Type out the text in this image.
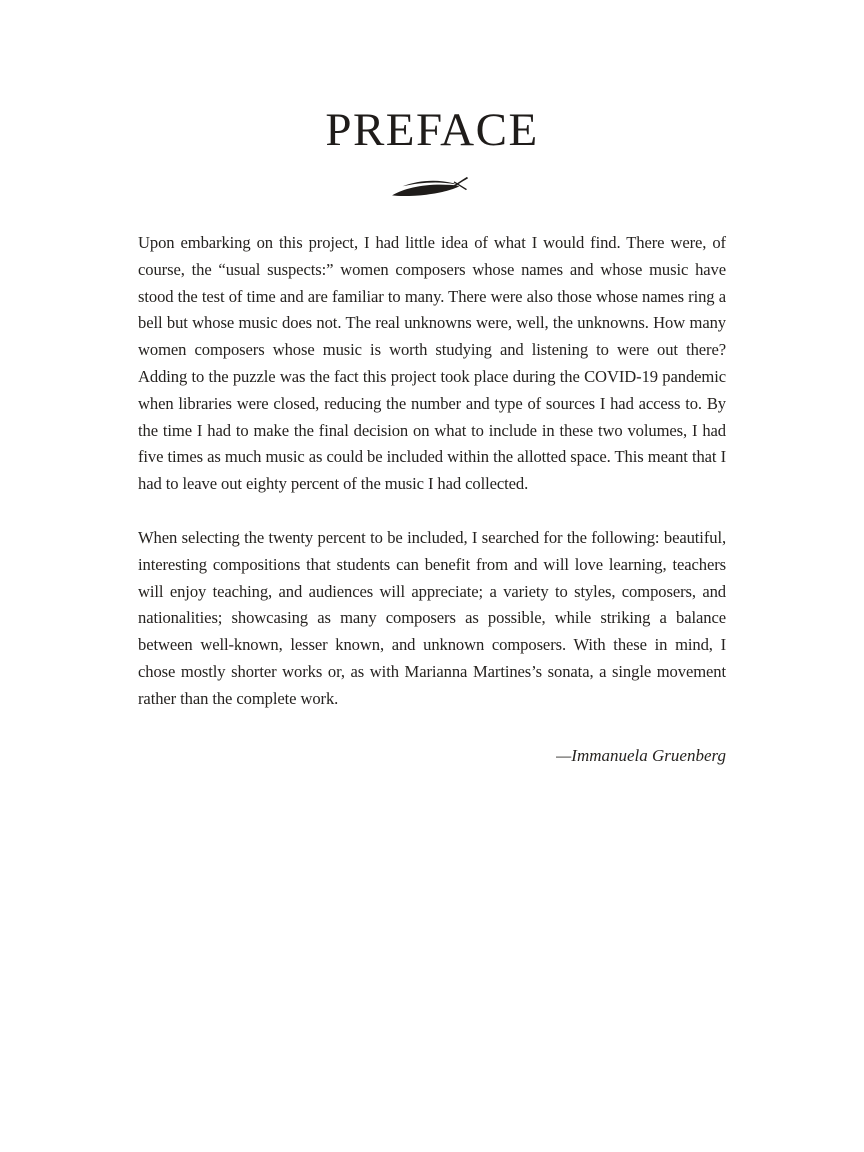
PREFACE

Upon embarking on this project, I had little idea of what I would find. There were, of course, the “usual suspects:” women composers whose names and whose music have stood the test of time and are familiar to many. There were also those whose names ring a bell but whose music does not. The real unknowns were, well, the unknowns. How many women composers whose music is worth studying and listening to were out there? Adding to the puzzle was the fact this project took place during the COVID-19 pandemic when libraries were closed, reducing the number and type of sources I had access to. By the time I had to make the final decision on what to include in these two volumes, I had five times as much music as could be included within the allotted space. This meant that I had to leave out eighty percent of the music I had collected.

When selecting the twenty percent to be included, I searched for the following: beautiful, interesting compositions that students can benefit from and will love learning, teachers will enjoy teaching, and audiences will appreciate; a variety to styles, composers, and nationalities; showcasing as many composers as possible, while striking a balance between well-known, lesser known, and unknown composers. With these in mind, I chose mostly shorter works or, as with Marianna Martines’s sonata, a single movement rather than the complete work.

—Immanuela Gruenberg
